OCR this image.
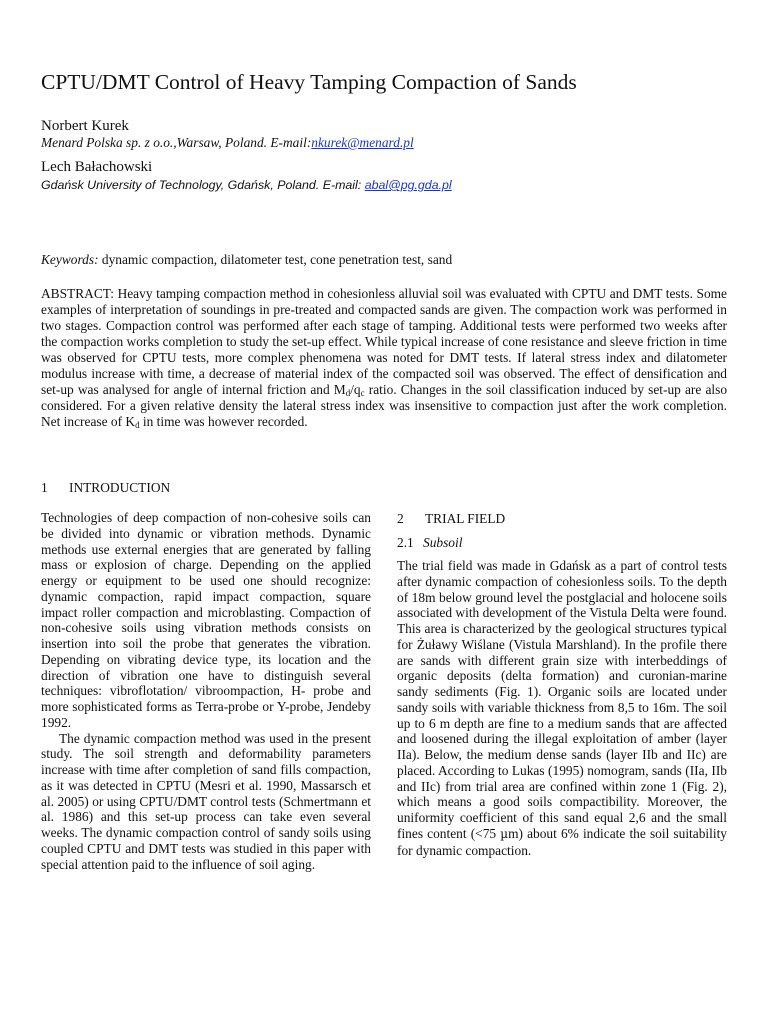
CPTU/DMT Control of Heavy Tamping Compaction of Sands
Norbert Kurek
Menard Polska sp. z o.o.,Warsaw, Poland. E-mail:nkurek@menard.pl
Lech Bałachowski
Gdańsk University of Technology, Gdańsk, Poland. E-mail: abal@pg.gda.pl
Keywords: dynamic compaction, dilatometer test, cone penetration test, sand

ABSTRACT: Heavy tamping compaction method in cohesionless alluvial soil was evaluated with CPTU and DMT tests. Some examples of interpretation of soundings in pre-treated and compacted sands are given. The compaction work was performed in two stages. Compaction control was performed after each stage of tamping. Additional tests were performed two weeks after the compaction works completion to study the set-up effect. While typical increase of cone resistance and sleeve friction in time was observed for CPTU tests, more complex phenomena was noted for DMT tests. If lateral stress index and dilatometer modulus increase with time, a decrease of material index of the compacted soil was observed. The effect of densification and set-up was analysed for angle of internal friction and $M_d/q_c$ ratio. Changes in the soil classification induced by set-up are also considered. For a given relative density the lateral stress index was insensitive to compaction just after the work completion. Net increase of $K_d$ in time was however recorded.

1 INTRODUCTION

Technologies of deep compaction of non-cohesive soils can be divided into dynamic or vibration methods. Dynamic methods use external energies that are generated by falling mass or explosion of charge. Depending on the applied energy or equipment to be used one should recognize: dynamic compaction, rapid impact compaction, square impact roller compaction and microblasting. Compaction of non-cohesive soils using vibration methods consists on insertion into soil the probe that generates the vibration. Depending on vibrating device type, its location and the direction of vibration one have to distinguish several techniques: vibroflotation/ vibroompaction, H- probe and more sophisticated forms as Terra-probe or Y-probe, Jendeby 1992.

The dynamic compaction method was used in the present study. The soil strength and deformability parameters increase with time after completion of sand fills compaction, as it was detected in CPTU (Mesri et al. 1990, Massarsch et al. 2005) or using CPTU/DMT control tests (Schmertmann et al. 1986) and this set-up process can take even several weeks. The dynamic compaction control of sandy soils using coupled CPTU and DMT tests was studied in this paper with special attention paid to the influence of soil aging.

2 TRIAL FIELD
2.1 Subsoil

The trial field was made in Gdańsk as a part of control tests after dynamic compaction of cohesionless soils. To the depth of 18m below ground level the postglacial and holocene soils associated with development of the Vistula Delta were found. This area is characterized by the geological structures typical for Żuławy Wiślane (Vistula Marshland). In the profile there are sands with different grain size with interbeddings of organic deposits (delta formation) and curonian-marine sandy sediments (Fig. 1). Organic soils are located under sandy soils with variable thickness from 8,5 to 16m. The soil up to 6 m depth are fine to a medium sands that are affected and loosened during the illegal exploitation of amber (layer IIa). Below, the medium dense sands (layer IIb and IIc) are placed. According to Lukas (1995) nomogram, sands (IIa, IIb and IIc) from trial area are confined within zone 1 (Fig. 2), which means a good soils compactibility. Moreover, the uniformity coefficient of this sand equal 2,6 and the small fines content (<75 µm) about 6% indicate the soil suitability for dynamic compaction.
